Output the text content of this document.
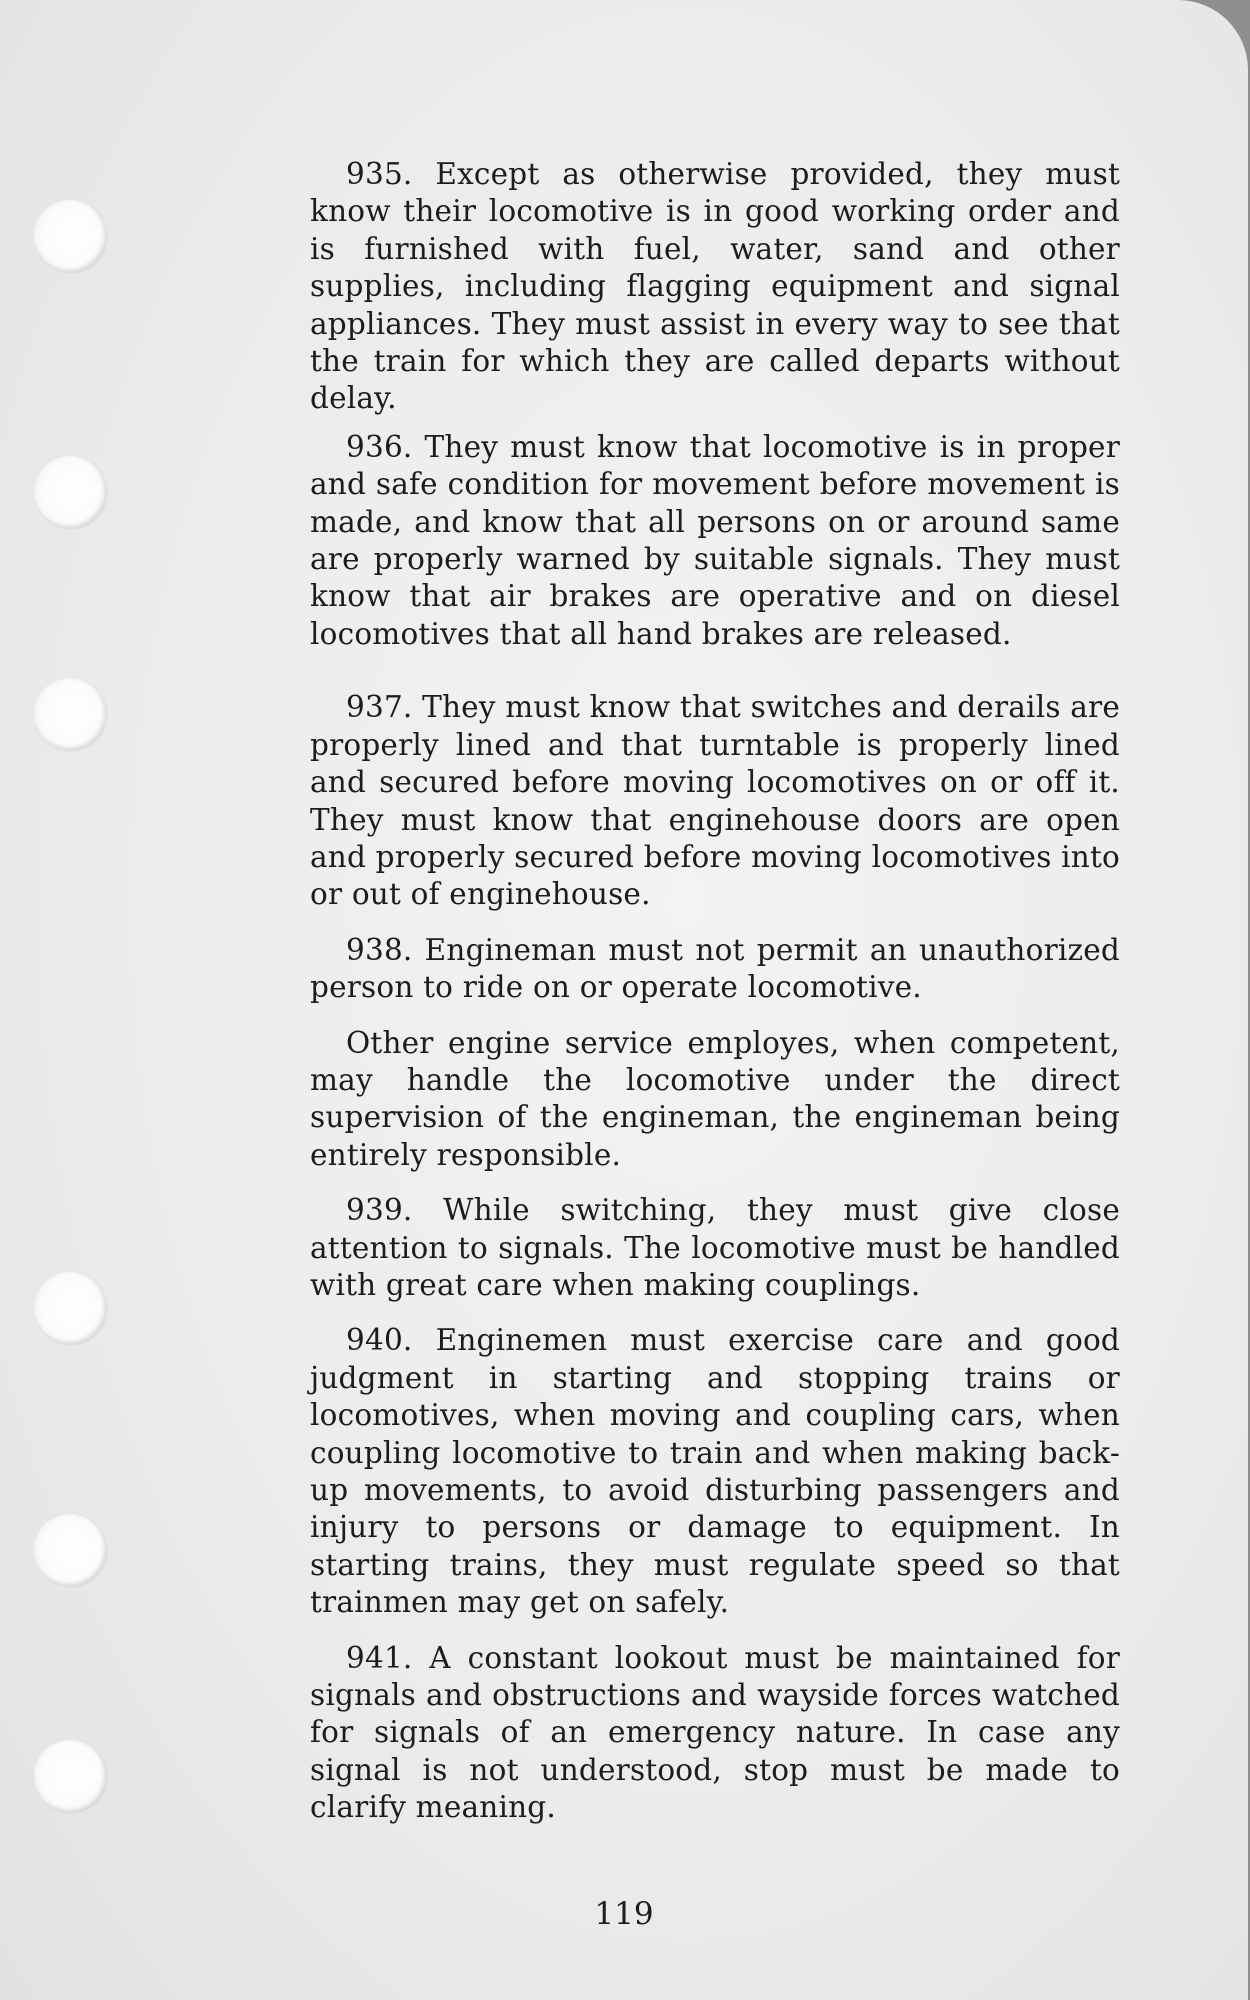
935. Except as otherwise provided, they must know their locomotive is in good working order and is furnished with fuel, water, sand and other supplies, including flagging equipment and signal appliances. They must assist in every way to see that the train for which they are called departs without delay.

936. They must know that locomotive is in proper and safe condition for movement before movement is made, and know that all persons on or around same are properly warned by suitable signals. They must know that air brakes are operative and on diesel locomotives that all hand brakes are released.

937. They must know that switches and derails are properly lined and that turntable is properly lined and secured before moving locomotives on or off it. They must know that enginehouse doors are open and properly secured before moving locomotives into or out of enginehouse.

938. Engineman must not permit an unauthorized person to ride on or operate locomotive.

Other engine service employes, when competent, may handle the locomotive under the direct supervision of the engineman, the engineman being entirely responsible.

939. While switching, they must give close attention to signals. The locomotive must be handled with great care when making couplings.

940. Enginemen must exercise care and good judgment in starting and stopping trains or locomotives, when moving and coupling cars, when coupling locomotive to train and when making back-up movements, to avoid disturbing passengers and injury to persons or damage to equipment. In starting trains, they must regulate speed so that trainmen may get on safely.

941. A constant lookout must be maintained for signals and obstructions and wayside forces watched for signals of an emergency nature. In case any signal is not understood, stop must be made to clarify meaning.

119
